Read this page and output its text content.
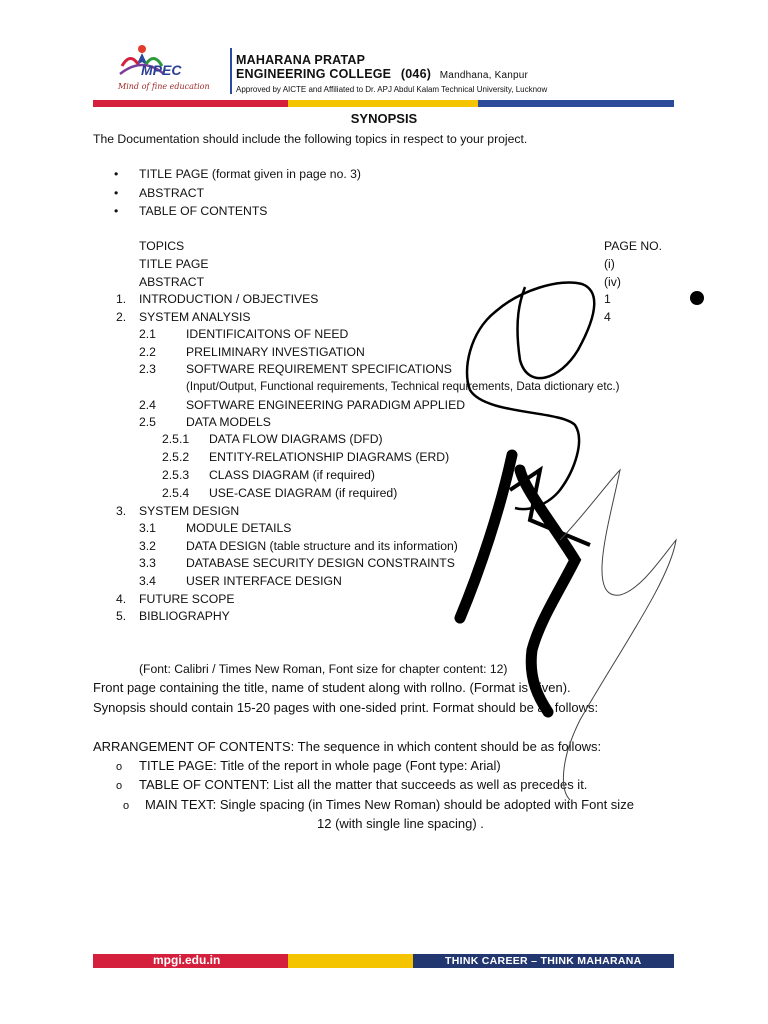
MPEC
Mind of fine education
MAHARANA PRATAP
ENGINEERING COLLEGE (046) Mandhana, Kanpur
Approved by AICTE and Affiliated to Dr. APJ Abdul Kalam Technical University, Lucknow
SYNOPSIS
The Documentation should include the following topics in respect to your project.
• TITLE PAGE (format given in page no. 3)
• ABSTRACT
• TABLE OF CONTENTS
TOPICS	PAGE NO.
TITLE PAGE	(i)
ABSTRACT	(iv)
1. INTRODUCTION / OBJECTIVES	1
2. SYSTEM ANALYSIS	4
2.1 IDENTIFICAITONS OF NEED
2.2 PRELIMINARY INVESTIGATION
2.3 SOFTWARE REQUIREMENT SPECIFICATIONS
(Input/Output, Functional requirements, Technical requirements, Data dictionary etc.)
2.4 SOFTWARE ENGINEERING PARADIGM APPLIED
2.5 DATA MODELS
2.5.1 DATA FLOW DIAGRAMS (DFD)
2.5.2 ENTITY-RELATIONSHIP DIAGRAMS (ERD)
2.5.3 CLASS DIAGRAM (if required)
2.5.4 USE-CASE DIAGRAM (if required)
3. SYSTEM DESIGN
3.1 MODULE DETAILS
3.2 DATA DESIGN (table structure and its information)
3.3 DATABASE SECURITY DESIGN CONSTRAINTS
3.4 USER INTERFACE DESIGN
4. FUTURE SCOPE
5. BIBLIOGRAPHY
(Font: Calibri / Times New Roman, Font size for chapter content: 12)
Front page containing the title, name of student along with rollno. (Format is given).
Synopsis should contain 15-20 pages with one-sided print. Format should be as follows:
ARRANGEMENT OF CONTENTS: The sequence in which content should be as follows:
o TITLE PAGE: Title of the report in whole page (Font type: Arial)
o TABLE OF CONTENT: List all the matter that succeeds as well as precedes it.
o MAIN TEXT: Single spacing (in Times New Roman) should be adopted with Font size
12 (with single line spacing) .
mpgi.edu.in	THINK CAREER – THINK MAHARANA
